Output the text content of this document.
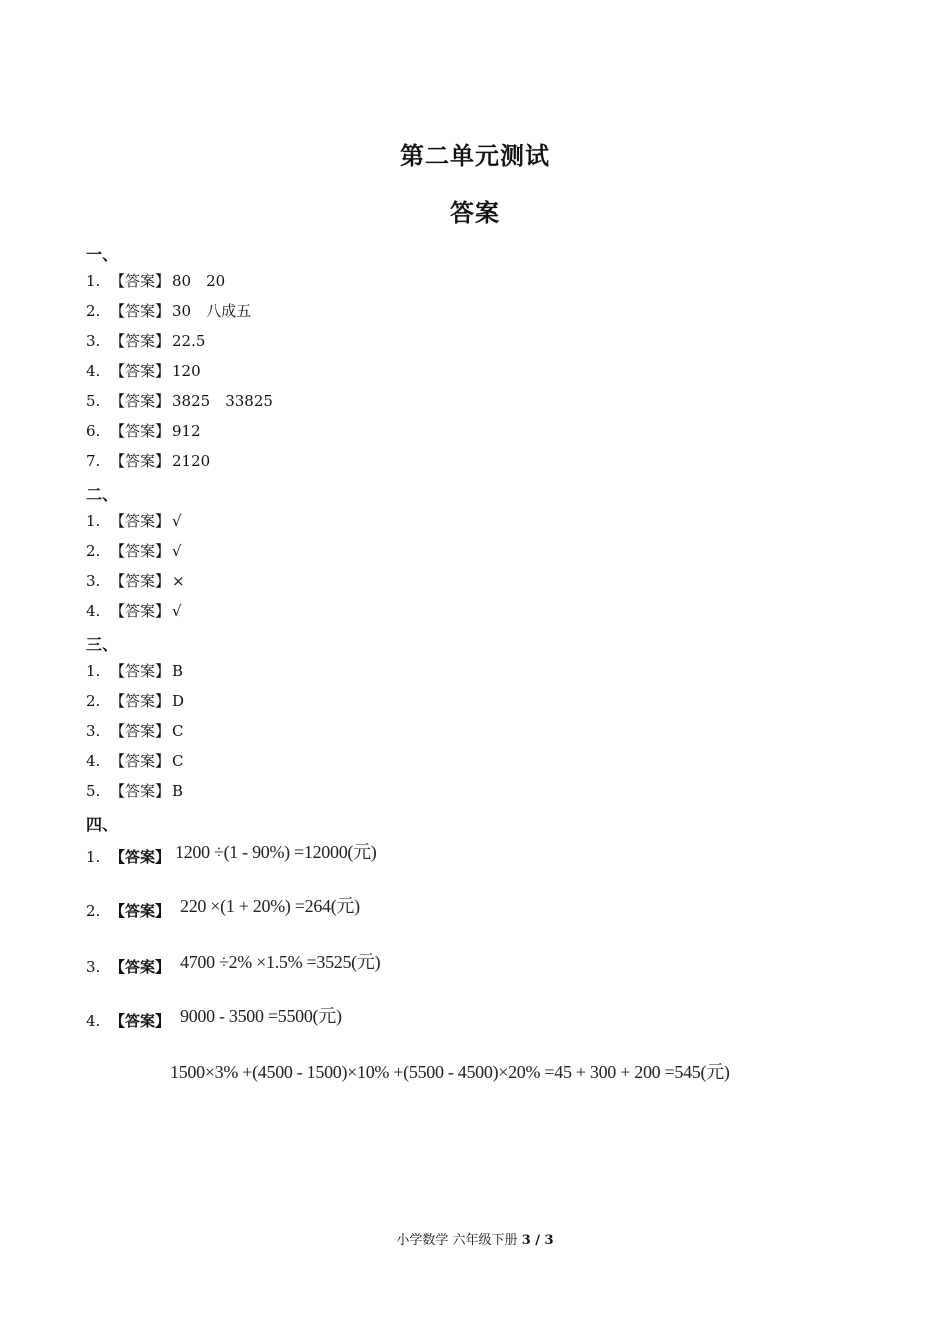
第二单元测试
答案
一、
1. 【答案】 80　20
2. 【答案】 30　八成五
3. 【答案】 22.5
4. 【答案】 120
5. 【答案】 3825　33825
6. 【答案】 912
7. 【答案】 2120
二、
1. 【答案】 √
2. 【答案】 √
3. 【答案】 ×
4. 【答案】 √
三、
1. 【答案】 B
2. 【答案】 D
3. 【答案】 C
4. 【答案】 C
5. 【答案】 B
四、
1. 【答案】 1200 ÷(1 - 90%) =12000(元)
2. 【答案】 220 ×(1 + 20%) =264(元)
3. 【答案】 4700 ÷2% ×1.5% =3525(元)
4. 【答案】 9000 - 3500 =5500(元)
1500×3% +(4500 - 1500)×10% +(5500 - 4500)×20% =45 + 300 + 200 =545(元)
小学数学 六年级下册 3 / 3
